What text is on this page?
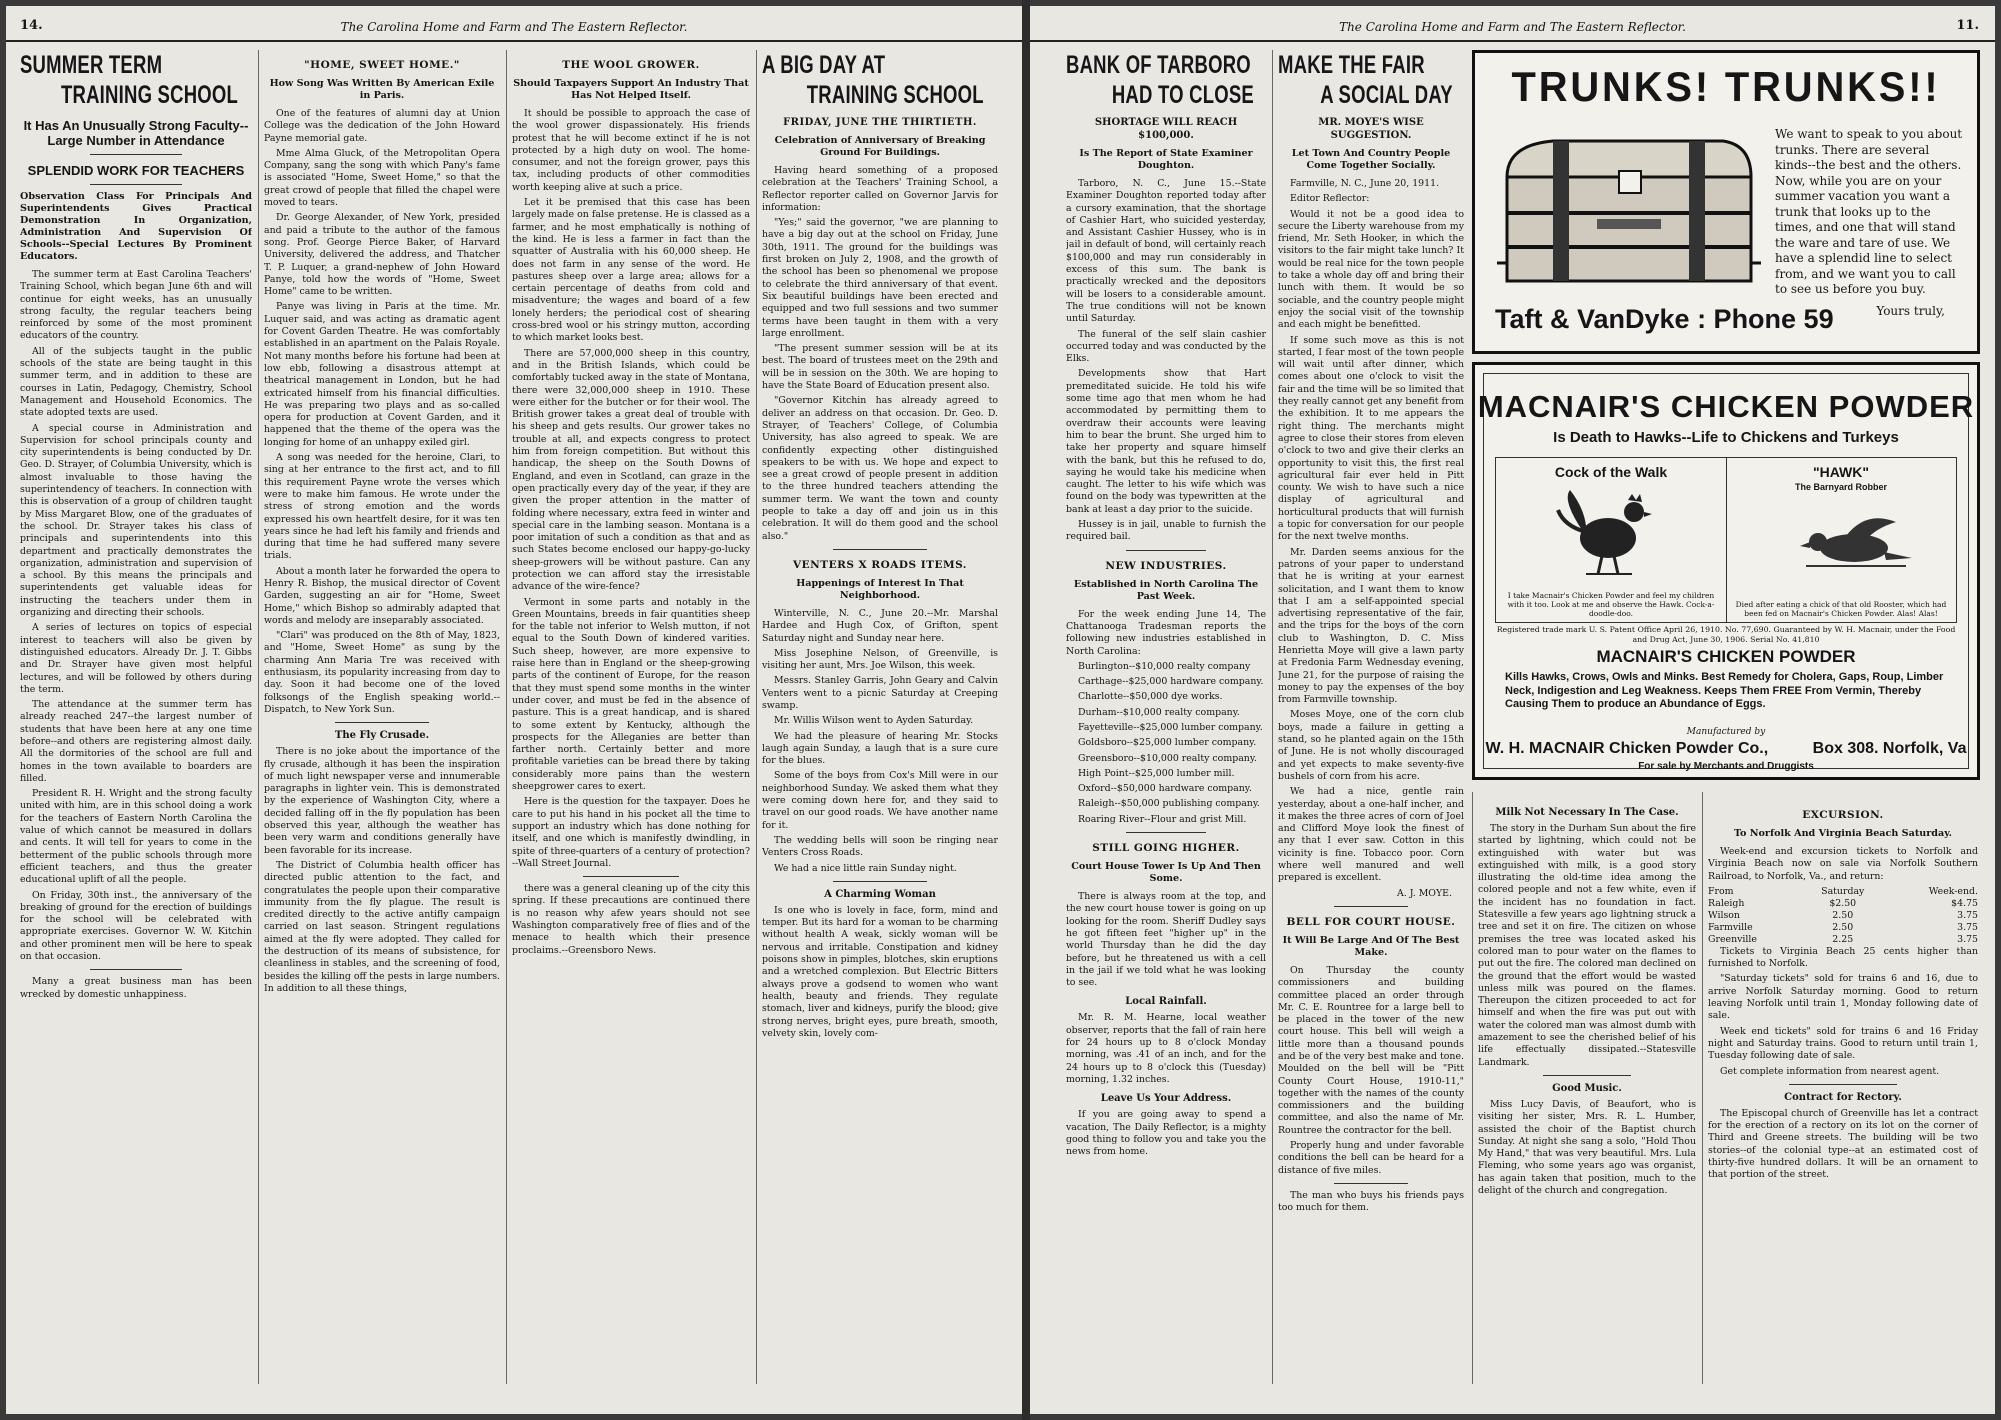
14.	The Carolina Home and Farm and The Eastern Reflector.
SUMMER TERM
TRAINING SCHOOL
It Has An Unusually Strong Faculty--Large Number in Attendance
SPLENDID WORK FOR TEACHERS
Observation Class For Principals And Superintendents Gives Practical Demonstration In Organization, Administration And Supervision Of Schools--Special Lectures By Prominent Educators.

The summer term at East Carolina Teachers' Training School, which began June 6th and will continue for eight weeks, has an unusually strong faculty, the regular teachers being reinforced by some of the most prominent educators of the country.

All of the subjects taught in the public schools of the state are being taught in this summer term, and in addition to these are courses in Latin, Pedagogy, Chemistry, School Management and Household Economics. The state adopted texts are used.

A special course in Administration and Supervision for school principals county and city superintendents is being conducted by Dr. Geo. D. Strayer, of Columbia University, which is almost invaluable to those having the superintendency of teachers. In connection with this is observation of a group of children taught by Miss Margaret Blow, one of the graduates of the school. Dr. Strayer takes his class of principals and superintendents into this department and practically demonstrates the organization, administration and supervision of a school. By this means the principals and superintendents get valuable ideas for instructing the teachers under them in organizing and directing their schools.

A series of lectures on topics of especial interest to teachers will also be given by distinguished educators. Already Dr. J. T. Gibbs and Dr. Strayer have given most helpful lectures, and will be followed by others during the term.

The attendance at the summer term has already reached 247--the largest number of students that have been here at any one time before--and others are registering almost daily. All the dormitories of the school are full and homes in the town available to boarders are filled.

President R. H. Wright and the strong faculty united with him, are in this school doing a work for the teachers of Eastern North Carolina the value of which cannot be measured in dollars and cents. It will tell for years to come in the betterment of the public schools through more efficient teachers, and thus the greater educational uplift of all the people.

On Friday, 30th inst., the anniversary of the breaking of ground for the erection of buildings for the school will be celebrated with appropriate exercises. Governor W. W. Kitchin and other prominent men will be here to speak on that occasion.

Many a great business man has been wrecked by domestic unhappiness.

"HOME, SWEET HOME."
How Song Was Written By American Exile in Paris.

One of the features of alumni day at Union College was the dedication of the John Howard Payne memorial gate.

Mme Alma Gluck, of the Metropolitan Opera Company, sang the song with which Pany's fame is associated "Home, Sweet Home," so that the great crowd of people that filled the chapel were moved to tears.

Dr. George Alexander, of New York, presided and paid a tribute to the author of the famous song. Prof. George Pierce Baker, of Harvard University, delivered the address, and Thatcher T. P. Luquer, a grand-nephew of John Howard Panye, told how the words of "Home, Sweet Home" came to be written.

Panye was living in Paris at the time. Mr. Luquer said, and was acting as dramatic agent for Covent Garden Theatre. He was comfortably established in an apartment on the Palais Royale. Not many months before his fortune had been at low ebb, following a disastrous attempt at theatrical management in London, but he had extricated himself from his financial difficulties. He was preparing two plays and as so-called opera for production at Covent Garden, and it happened that the theme of the opera was the longing for home of an unhappy exiled girl.

A song was needed for the heroine, Clari, to sing at her entrance to the first act, and to fill this requirement Payne wrote the verses which were to make him famous. He wrote under the stress of strong emotion and the words expressed his own heartfelt desire, for it was ten years since he had left his family and friends and during that time he had suffered many severe trials.

About a month later he forwarded the opera to Henry R. Bishop, the musical director of Covent Garden, suggesting an air for "Home, Sweet Home," which Bishop so admirably adapted that words and melody are inseparably associated.

"Clari" was produced on the 8th of May, 1823, and "Home, Sweet Home" as sung by the charming Ann Maria Tre was received with enthusiasm, its popularity increasing from day to day. Soon it had become one of the loved folksongs of the English speaking world.--Dispatch, to New York Sun.

The Fly Crusade.

There is no joke about the importance of the fly crusade, although it has been the inspiration of much light newspaper verse and innumerable paragraphs in lighter vein. This is demonstrated by the experience of Washington City, where a decided falling off in the fly population has been observed this year, although the weather has been very warm and conditions generally have been favorable for its increase.

The District of Columbia health officer has directed public attention to the fact, and congratulates the people upon their comparative immunity from the fly plague. The result is credited directly to the active antifly campaign carried on last season. Stringent regulations aimed at the fly were adopted. They called for the destruction of its means of subsistence, for cleanliness in stables, and the screening of food, besides the killing off the pests in large numbers. In addition to all these things,

THE WOOL GROWER.
Should Taxpayers Support An Industry That Has Not Helped Itself.

It should be possible to approach the case of the wool grower dispassionately. His friends protest that he will become extinct if he is not protected by a high duty on wool. The home-consumer, and not the foreign grower, pays this tax, including products of other commodities worth keeping alive at such a price.

Let it be premised that this case has been largely made on false pretense. He is classed as a farmer, and he most emphatically is nothing of the kind. He is less a farmer in fact than the squatter of Australia with his 60,000 sheep. He does not farm in any sense of the word. He pastures sheep over a large area; allows for a certain percentage of deaths from cold and misadventure; the wages and board of a few lonely herders; the periodical cost of shearing cross-bred wool or his stringy mutton, according to which market looks best.

There are 57,000,000 sheep in this country, and in the British Islands, which could be comfortably tucked away in the state of Montana, there were 32,000,000 sheep in 1910. These were either for the butcher or for their wool. The British grower takes a great deal of trouble with his sheep and gets results. Our grower takes no trouble at all, and expects congress to protect him from foreign competition. But without this handicap, the sheep on the South Downs of England, and even in Scotland, can graze in the open practically every day of the year, if they are given the proper attention in the matter of folding where necessary, extra feed in winter and special care in the lambing season. Montana is a poor imitation of such a condition as that and as such States become enclosed our happy-go-lucky sheep-growers will be without pasture. Can any protection we can afford stay the irresistable advance of the wire-fence?

Vermont in some parts and notably in the Green Mountains, breeds in fair quantities sheep for the table not inferior to Welsh mutton, if not equal to the South Down of kindered varities. Such sheep, however, are more expensive to raise here than in England or the sheep-growing parts of the continent of Europe, for the reason that they must spend some months in the winter under cover, and must be fed in the absence of pasture. This is a great handicap, and is shared to some extent by Kentucky, although the prospects for the Alleganies are better than farther north. Certainly better and more profitable varieties can be bread there by taking considerably more pains than the western sheepgrower cares to exert.

Here is the question for the taxpayer. Does he care to put his hand in his pocket all the time to support an industry which has done nothing for itself, and one which is manifestly dwindling, in spite of three-quarters of a century of protection?--Wall Street Journal.

there was a general cleaning up of the city this spring. If these precautions are continued there is no reason why afew years should not see Washington comparatively free of flies and of the menace to health which their presence proclaims.--Greensboro News.

A BIG DAY AT
TRAINING SCHOOL
FRIDAY, JUNE THE THIRTIETH.
Celebration of Anniversary of Breaking Ground For Buildings.

Having heard something of a proposed celebration at the Teachers' Training School, a Reflector reporter called on Governor Jarvis for information:

"Yes;" said the governor, "we are planning to have a big day out at the school on Friday, June 30th, 1911. The ground for the buildings was first broken on July 2, 1908, and the growth of the school has been so phenomenal we propose to celebrate the third anniversary of that event. Six beautiful buildings have been erected and equipped and two full sessions and two summer terms have been taught in them with a very large enrollment.

"The present summer session will be at its best. The board of trustees meet on the 29th and will be in session on the 30th. We are hoping to have the State Board of Education present also.

"Governor Kitchin has already agreed to deliver an address on that occasion. Dr. Geo. D. Strayer, of Teachers' College, of Columbia University, has also agreed to speak. We are confidently expecting other distinguished speakers to be with us. We hope and expect to see a great crowd of people present in addition to the three hundred teachers attending the summer term. We want the town and county people to take a day off and join us in this celebration. It will do them good and the school also."

VENTERS X ROADS ITEMS.
Happenings of Interest In That Neighborhood.

Winterville, N. C., June 20.--Mr. Marshal Hardee and Hugh Cox, of Grifton, spent Saturday night and Sunday near here.

Miss Josephine Nelson, of Greenville, is visiting her aunt, Mrs. Joe Wilson, this week.

Messrs. Stanley Garris, John Geary and Calvin Venters went to a picnic Saturday at Creeping swamp.

Mr. Willis Wilson went to Ayden Saturday.

We had the pleasure of hearing Mr. Stocks laugh again Sunday, a laugh that is a sure cure for the blues.

Some of the boys from Cox's Mill were in our neighborhood Sunday. We asked them what they were coming down here for, and they said to travel on our good roads. We have another name for it.

The wedding bells will soon be ringing near Venters Cross Roads.

We had a nice little rain Sunday night.

A Charming Woman

Is one who is lovely in face, form, mind and temper. But its hard for a woman to be charming without health A weak, sickly woman will be nervous and irritable. Constipation and kidney poisons show in pimples, blotches, skin eruptions and a wretched complexion. But Electric Bitters always prove a godsend to women who want health, beauty and friends. They regulate stomach, liver and kidneys, purify the blood; give strong nerves, bright eyes, pure breath, smooth, velvety skin, lovely com-

The Carolina Home and Farm and The Eastern Reflector.	11.
BANK OF TARBORO
HAD TO CLOSE
SHORTAGE WILL REACH $100,000.
Is The Report of State Examiner Doughton.

Tarboro, N. C., June 15.--State Examiner Doughton reported today after a cursory examination, that the shortage of Cashier Hart, who suicided yesterday, and Assistant Cashier Hussey, who is in jail in default of bond, will certainly reach $100,000 and may run considerably in excess of this sum. The bank is practically wrecked and the depositors will be losers to a considerable amount. The true conditions will not be known until Saturday.

The funeral of the self slain cashier occurred today and was conducted by the Elks.

Developments show that Hart premeditated suicide. He told his wife some time ago that men whom he had accommodated by permitting them to overdraw their accounts were leaving him to bear the brunt. She urged him to take her property and square himself with the bank, but this he refused to do, saying he would take his medicine when caught. The letter to his wife which was found on the body was typewritten at the bank at least a day prior to the suicide.

Hussey is in jail, unable to furnish the required bail.

NEW INDUSTRIES.
Established in North Carolina The Past Week.

For the week ending June 14, The Chattanooga Tradesman reports the following new industries established in North Carolina:

Burlington--$10,000 realty company

Carthage--$25,000 hardware company.

Charlotte--$50,000 dye works.

Durham--$10,000 realty company.

Fayetteville--$25,000 lumber company.

Goldsboro--$25,000 lumber company.

Greensboro--$10,000 realty company.

High Point--$25,000 lumber mill.

Oxford--$50,000 hardware company.

Raleigh--$50,000 publishing company.

Roaring River--Flour and grist Mill.

STILL GOING HIGHER.
Court House Tower Is Up And Then Some.

There is always room at the top, and the new court house tower is going on up looking for the room. Sheriff Dudley says he got fifteen feet "higher up" in the world Thursday than he did the day before, but he threatened us with a cell in the jail if we told what he was looking to see.

Local Rainfall.

Mr. R. M. Hearne, local weather observer, reports that the fall of rain here for 24 hours up to 8 o'clock Monday morning, was .41 of an inch, and for the 24 hours up to 8 o'clock this (Tuesday) morning, 1.32 inches.

Leave Us Your Address.

If you are going away to spend a vacation, The Daily Reflector, is a mighty good thing to follow you and take you the news from home.

MAKE THE FAIR
A SOCIAL DAY
MR. MOYE'S WISE SUGGESTION.
Let Town And Country People Come Together Socially.

Farmville, N. C., June 20, 1911.

Editor Reflector:

Would it not be a good idea to secure the Liberty warehouse from my friend, Mr. Seth Hooker, in which the visitors to the fair might take lunch? It would be real nice for the town people to take a whole day off and bring their lunch with them. It would be so sociable, and the country people might enjoy the social visit of the township and each might be benefitted.

If some such move as this is not started, I fear most of the town people will wait until after dinner, which comes about one o'clock to visit the fair and the time will be so limited that they really cannot get any benefit from the exhibition. It to me appears the right thing. The merchants might agree to close their stores from eleven o'clock to two and give their clerks an opportunity to visit this, the first real agricultural fair ever held in Pitt county. We wish to have such a nice display of agricultural and horticultural products that will furnish a topic for conversation for our people for the next twelve months.

Mr. Darden seems anxious for the patrons of your paper to understand that he is writing at your earnest solicitation, and I want them to know that I am a self-appointed special advertising representative of the fair, and the trips for the boys of the corn club to Washington, D. C. Miss Henrietta Moye will give a lawn party at Fredonia Farm Wednesday evening, June 21, for the purpose of raising the money to pay the expenses of the boy from Farmville township.

Moses Moye, one of the corn club boys, made a failure in getting a stand, so he planted again on the 15th of June. He is not wholly discouraged and yet expects to make seventy-five bushels of corn from his acre.

We had a nice, gentle rain yesterday, about a one-half incher, and it makes the three acres of corn of Joel and Clifford Moye look the finest of any that I ever saw. Cotton in this vicinity is fine. Tobacco poor. Corn where well manured and well prepared is excellent.

A. J. MOYE.

BELL FOR COURT HOUSE.
It Will Be Large And Of The Best Make.

On Thursday the county commissioners and building committee placed an order through Mr. C. E. Rountree for a large bell to be placed in the tower of the new court house. This bell will weigh a little more than a thousand pounds and be of the very best make and tone. Moulded on the bell will be "Pitt County Court House, 1910-11," together with the names of the county commissioners and the building committee, and also the name of Mr. Rountree the contractor for the bell.

Properly hung and under favorable conditions the bell can be heard for a distance of five miles.

The man who buys his friends pays too much for them.

TRUNKS! TRUNKS!!
We want to speak to you about trunks. There are several kinds--the best and the others. Now, while you are on your summer vacation you want a trunk that looks up to the times, and one that will stand the ware and tare of use. We have a splendid line to select from, and we want you to call to see us before you buy.
Yours truly,
Taft & VanDyke : Phone 59
MACNAIR'S CHICKEN POWDER
Is Death to Hawks--Life to Chickens and Turkeys
Cock of the Walk	"HAWK"
The Barnyard Robber
I take Macnair's Chicken Powder and feel my children with it too. Look at me and observe the Hawk. Cock-a-doodle-doo.
Died after eating a chick of that old Rooster, which had been fed on Macnair's Chicken Powder. Alas! Alas!
Registered trade mark U. S. Patent Office April 26, 1910. No. 77,690. Guaranteed by W. H. Macnair, under the Food and Drug Act, June 30, 1906. Serial No. 41,810
MACNAIR'S CHICKEN POWDER
Kills Hawks, Crows, Owls and Minks. Best Remedy for Cholera, Gaps, Roup, Limber Neck, Indigestion and Leg Weakness. Keeps Them FREE From Vermin, Thereby Causing Them to produce an Abundance of Eggs.
Manufactured by
W. H. MACNAIR Chicken Powder Co.,	Box 308. Norfolk, Va
For sale by Merchants and Druggists
Milk Not Necessary In The Case.

The story in the Durham Sun about the fire started by lightning, which could not be extinguished with water but was extinguished with milk, is a good story illustrating the old-time idea among the colored people and not a few white, even if the incident has no foundation in fact. Statesville a few years ago lightning struck a tree and set it on fire. The citizen on whose premises the tree was located asked his colored man to pour water on the flames to put out the fire. The colored man declined on the ground that the effort would be wasted unless milk was poured on the flames. Thereupon the citizen proceeded to act for himself and when the fire was put out with water the colored man was almost dumb with amazement to see the cherished belief of his life effectually dissipated.--Statesville Landmark.

Good Music.

Miss Lucy Davis, of Beaufort, who is visiting her sister, Mrs. R. L. Humber, assisted the choir of the Baptist church Sunday. At night she sang a solo, "Hold Thou My Hand," that was very beautiful. Mrs. Lula Fleming, who some years ago was organist, has again taken that position, much to the delight of the church and congregation.

EXCURSION.
To Norfolk And Virginia Beach Saturday.

Week-end and excursion tickets to Norfolk and Virginia Beach now on sale via Norfolk Southern Railroad, to Norfolk, Va., and return:

From	Saturday	Week-end.
Raleigh	$2.50	$4.75
Wilson	2.50	3.75
Farmville	2.50	3.75
Greenville	2.25	3.75

Tickets to Virginia Beach 25 cents higher than furnished to Norfolk.

"Saturday tickets" sold for trains 6 and 16, due to arrive Norfolk Saturday morning. Good to return leaving Norfolk until train 1, Monday following date of sale.

Week end tickets" sold for trains 6 and 16 Friday night and Saturday trains. Good to return until train 1, Tuesday following date of sale.

Get complete information from nearest agent.

Contract for Rectory.

The Episcopal church of Greenville has let a contract for the erection of a rectory on its lot on the corner of Third and Greene streets. The building will be two stories--of the colonial type--at an estimated cost of thirty-five hundred dollars. It will be an ornament to that portion of the street.
